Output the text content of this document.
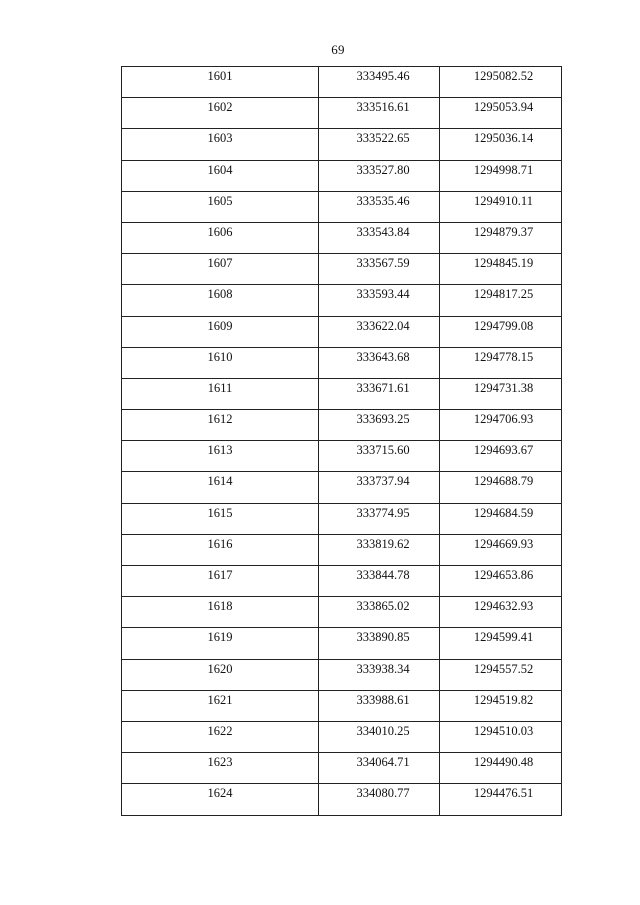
69
1601	333495.46	1295082.52
1602	333516.61	1295053.94
1603	333522.65	1295036.14
1604	333527.80	1294998.71
1605	333535.46	1294910.11
1606	333543.84	1294879.37
1607	333567.59	1294845.19
1608	333593.44	1294817.25
1609	333622.04	1294799.08
1610	333643.68	1294778.15
1611	333671.61	1294731.38
1612	333693.25	1294706.93
1613	333715.60	1294693.67
1614	333737.94	1294688.79
1615	333774.95	1294684.59
1616	333819.62	1294669.93
1617	333844.78	1294653.86
1618	333865.02	1294632.93
1619	333890.85	1294599.41
1620	333938.34	1294557.52
1621	333988.61	1294519.82
1622	334010.25	1294510.03
1623	334064.71	1294490.48
1624	334080.77	1294476.51
